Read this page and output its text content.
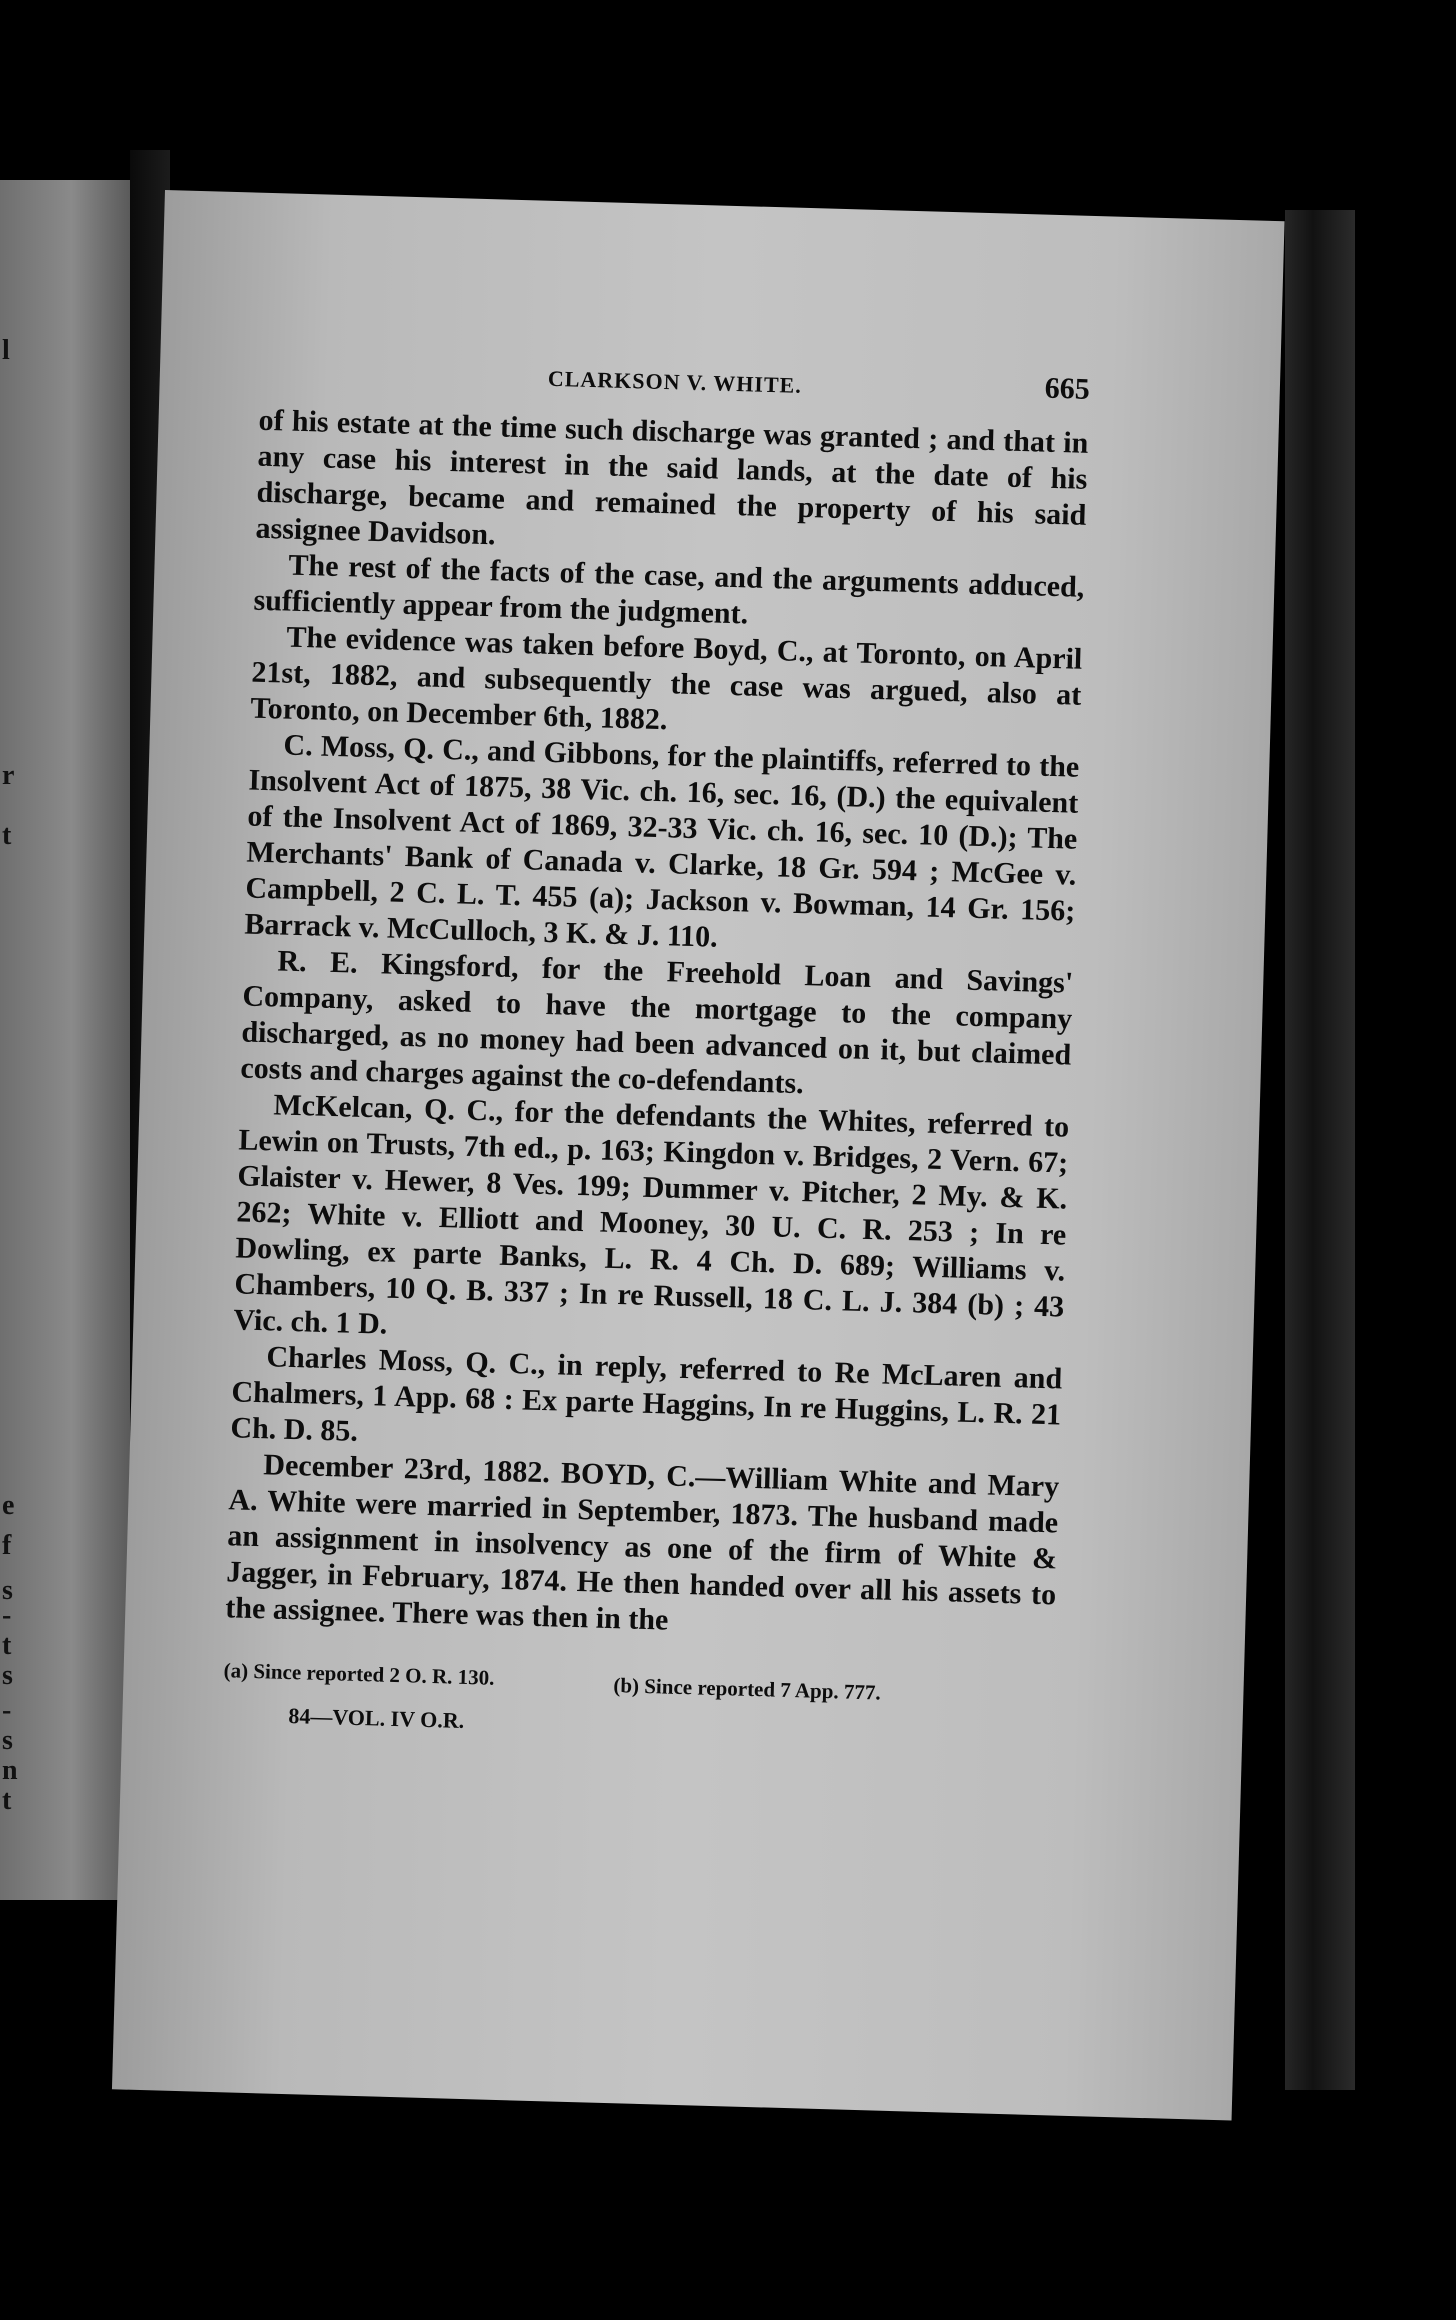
l
r
t
e
f
s
-
t
s
-
s
n
t
CLARKSON V. WHITE.	665

of his estate at the time such discharge was granted ; and that in any case his interest in the said lands, at the date of his discharge, became and remained the property of his said assignee Davidson.

The rest of the facts of the case, and the arguments adduced, sufficiently appear from the judgment.

The evidence was taken before Boyd, C., at Toronto, on April 21st, 1882, and subsequently the case was argued, also at Toronto, on December 6th, 1882.

C. Moss, Q. C., and Gibbons, for the plaintiffs, referred to the Insolvent Act of 1875, 38 Vic. ch. 16, sec. 16, (D.) the equivalent of the Insolvent Act of 1869, 32-33 Vic. ch. 16, sec. 10 (D.); The Merchants' Bank of Canada v. Clarke, 18 Gr. 594 ; McGee v. Campbell, 2 C. L. T. 455 (a); Jackson v. Bowman, 14 Gr. 156; Barrack v. McCulloch, 3 K. & J. 110.

R. E. Kingsford, for the Freehold Loan and Savings' Company, asked to have the mortgage to the company discharged, as no money had been advanced on it, but claimed costs and charges against the co-defendants.

McKelcan, Q. C., for the defendants the Whites, referred to Lewin on Trusts, 7th ed., p. 163; Kingdon v. Bridges, 2 Vern. 67; Glaister v. Hewer, 8 Ves. 199; Dummer v. Pitcher, 2 My. & K. 262; White v. Elliott and Mooney, 30 U. C. R. 253 ; In re Dowling, ex parte Banks, L. R. 4 Ch. D. 689; Williams v. Chambers, 10 Q. B. 337 ; In re Russell, 18 C. L. J. 384 (b) ; 43 Vic. ch. 1 D.

Charles Moss, Q. C., in reply, referred to Re McLaren and Chalmers, 1 App. 68 : Ex parte Haggins, In re Huggins, L. R. 21 Ch. D. 85.

December 23rd, 1882. BOYD, C.—William White and Mary A. White were married in September, 1873. The husband made an assignment in insolvency as one of the firm of White & Jagger, in February, 1874. He then handed over all his assets to the assignee. There was then in the

(a) Since reported 2 O. R. 130.	(b) Since reported 7 App. 777.
84—VOL. IV O.R.
